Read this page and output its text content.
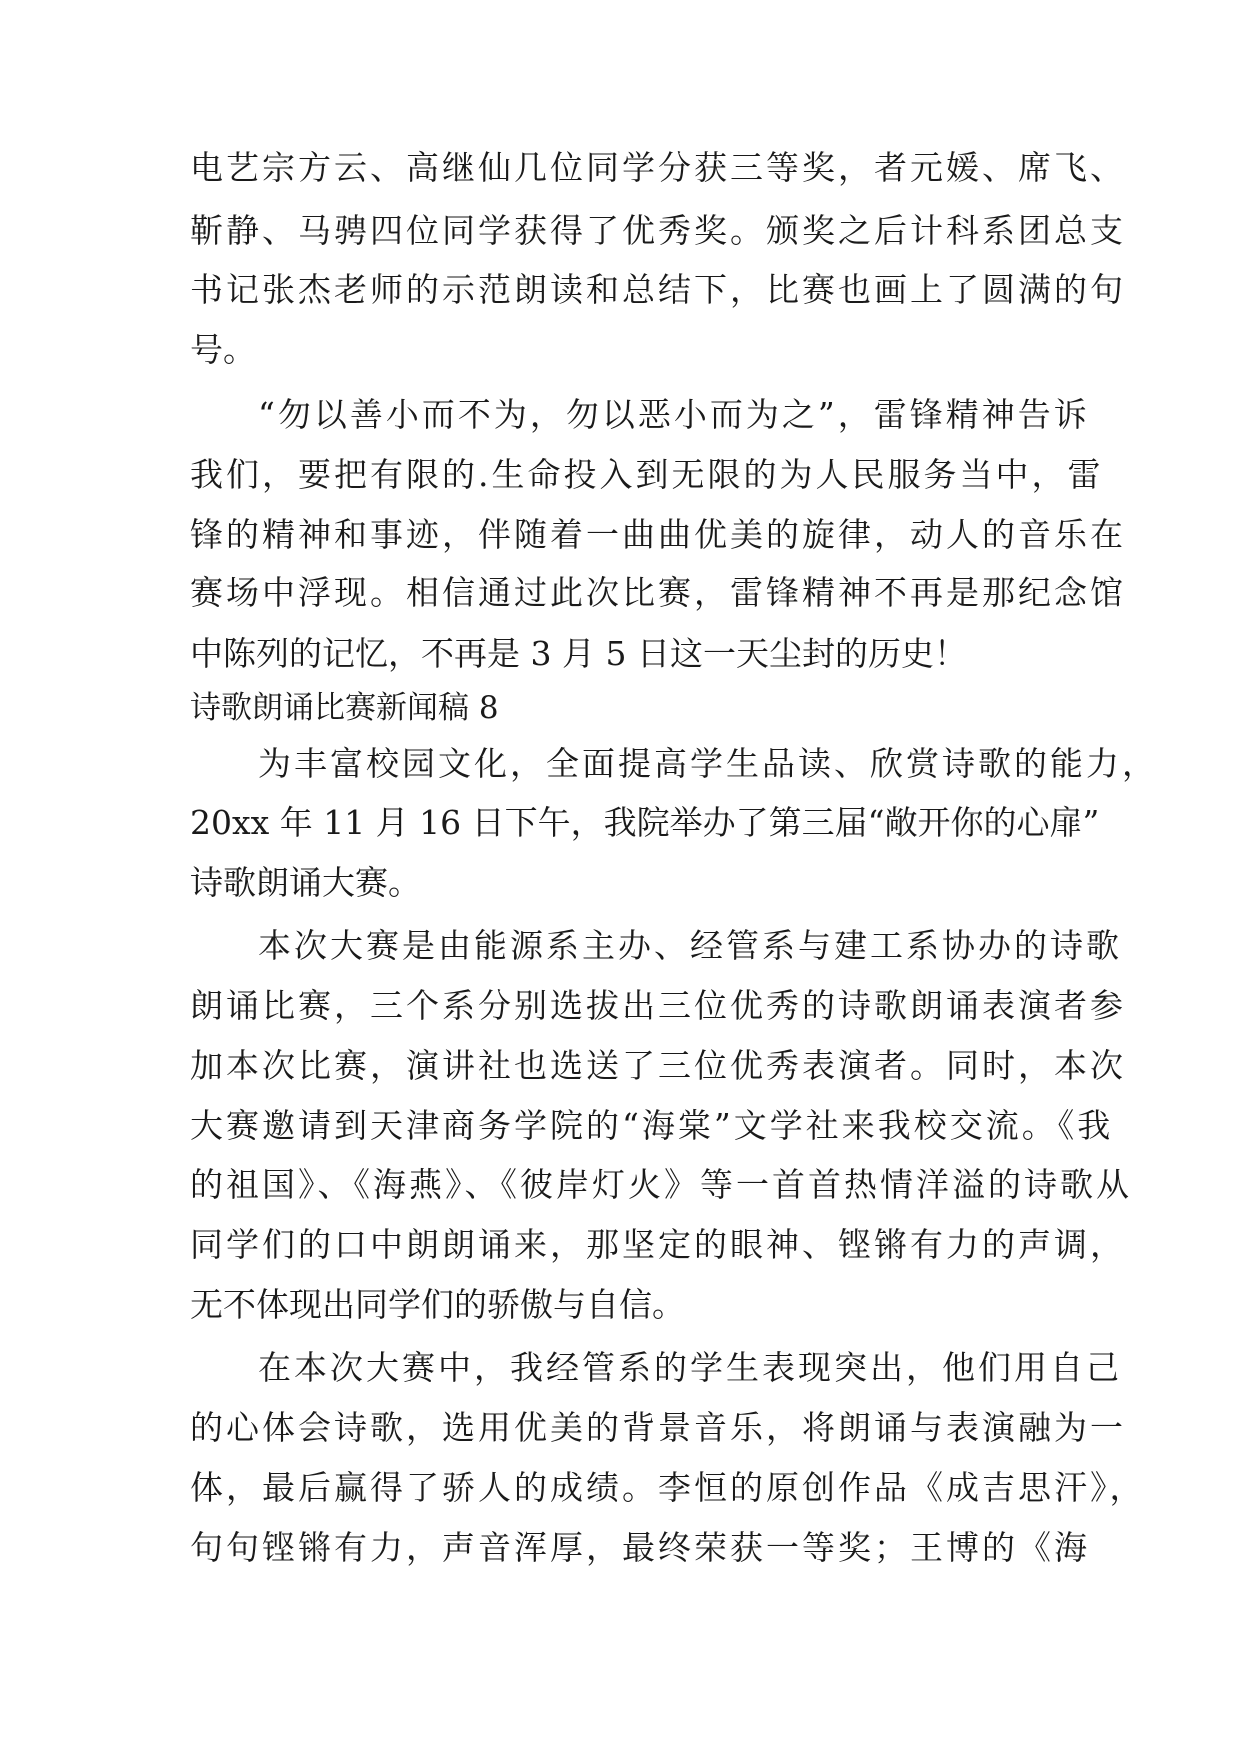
电艺宗方云、高继仙几位同学分获三等奖，者元媛、席飞、
靳静、马骋四位同学获得了优秀奖。颁奖之后计科系团总支
书记张杰老师的示范朗读和总结下，比赛也画上了圆满的句
号。
“勿以善小而不为，勿以恶小而为之”，雷锋精神告诉
我们，要把有限的.生命投入到无限的为人民服务当中，雷
锋的精神和事迹，伴随着一曲曲优美的旋律，动人的音乐在
赛场中浮现。相信通过此次比赛，雷锋精神不再是那纪念馆
中陈列的记忆，不再是 3 月 5 日这一天尘封的历史！
诗歌朗诵比赛新闻稿 8
为丰富校园文化，全面提高学生品读、欣赏诗歌的能力，
20xx 年 11 月 16 日下午，我院举办了第三届“敞开你的心扉”
诗歌朗诵大赛。
本次大赛是由能源系主办、经管系与建工系协办的诗歌
朗诵比赛，三个系分别选拔出三位优秀的诗歌朗诵表演者参
加本次比赛，演讲社也选送了三位优秀表演者。同时，本次
大赛邀请到天津商务学院的“海棠”文学社来我校交流。《我
的祖国》、《海燕》、《彼岸灯火》等一首首热情洋溢的诗歌从
同学们的口中朗朗诵来，那坚定的眼神、铿锵有力的声调，
无不体现出同学们的骄傲与自信。
在本次大赛中，我经管系的学生表现突出，他们用自己
的心体会诗歌，选用优美的背景音乐，将朗诵与表演融为一
体，最后赢得了骄人的成绩。李恒的原创作品《成吉思汗》，
句句铿锵有力，声音浑厚，最终荣获一等奖；王博的《海
